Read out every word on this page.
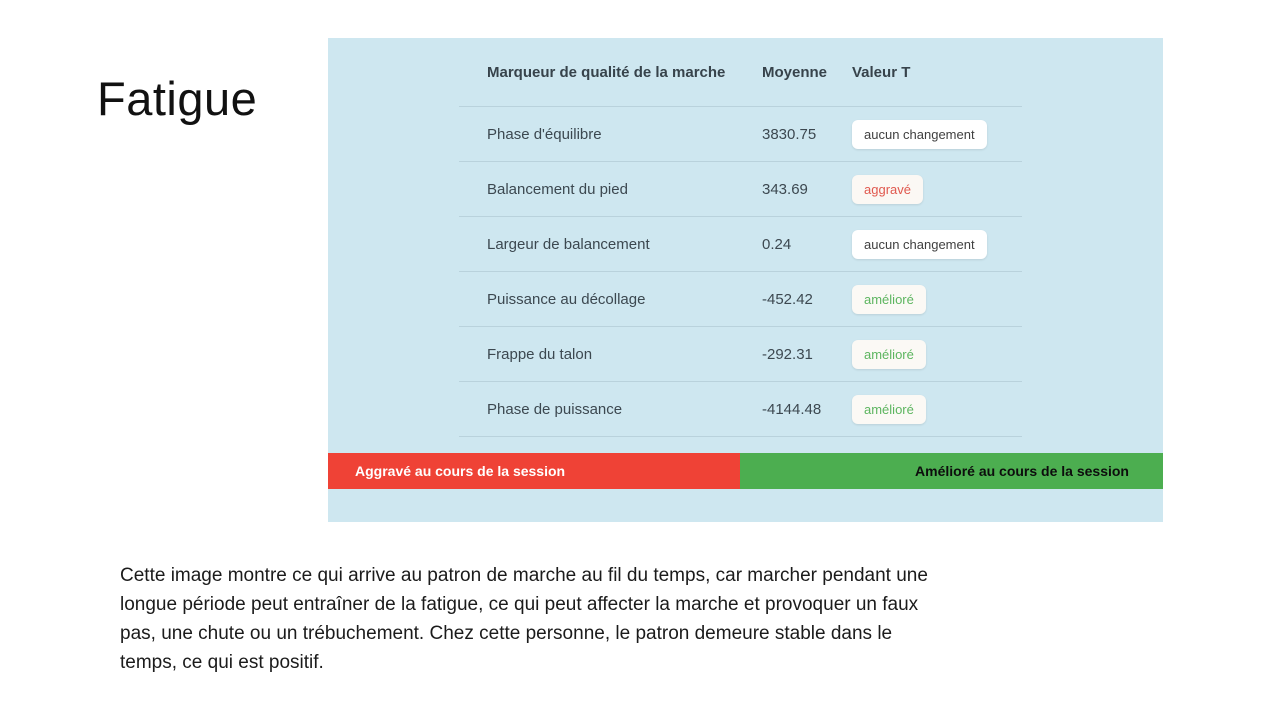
Fatigue	Marqueur de qualité de la marche	Moyenne	Valeur T
Phase d'équilibre	3830.75	aucun changement
Balancement du pied	343.69	aggravé
Largeur de balancement	0.24	aucun changement
Puissance au décollage	-452.42	amélioré
Frappe du talon	-292.31	amélioré
Phase de puissance	-4144.48	amélioré
Aggravé au cours de la session	Amélioré au cours de la session
Cette image montre ce qui arrive au patron de marche au fil du temps, car marcher pendant une
longue période peut entraîner de la fatigue, ce qui peut affecter la marche et provoquer un faux
pas, une chute ou un trébuchement. Chez cette personne, le patron demeure stable dans le
temps, ce qui est positif.
